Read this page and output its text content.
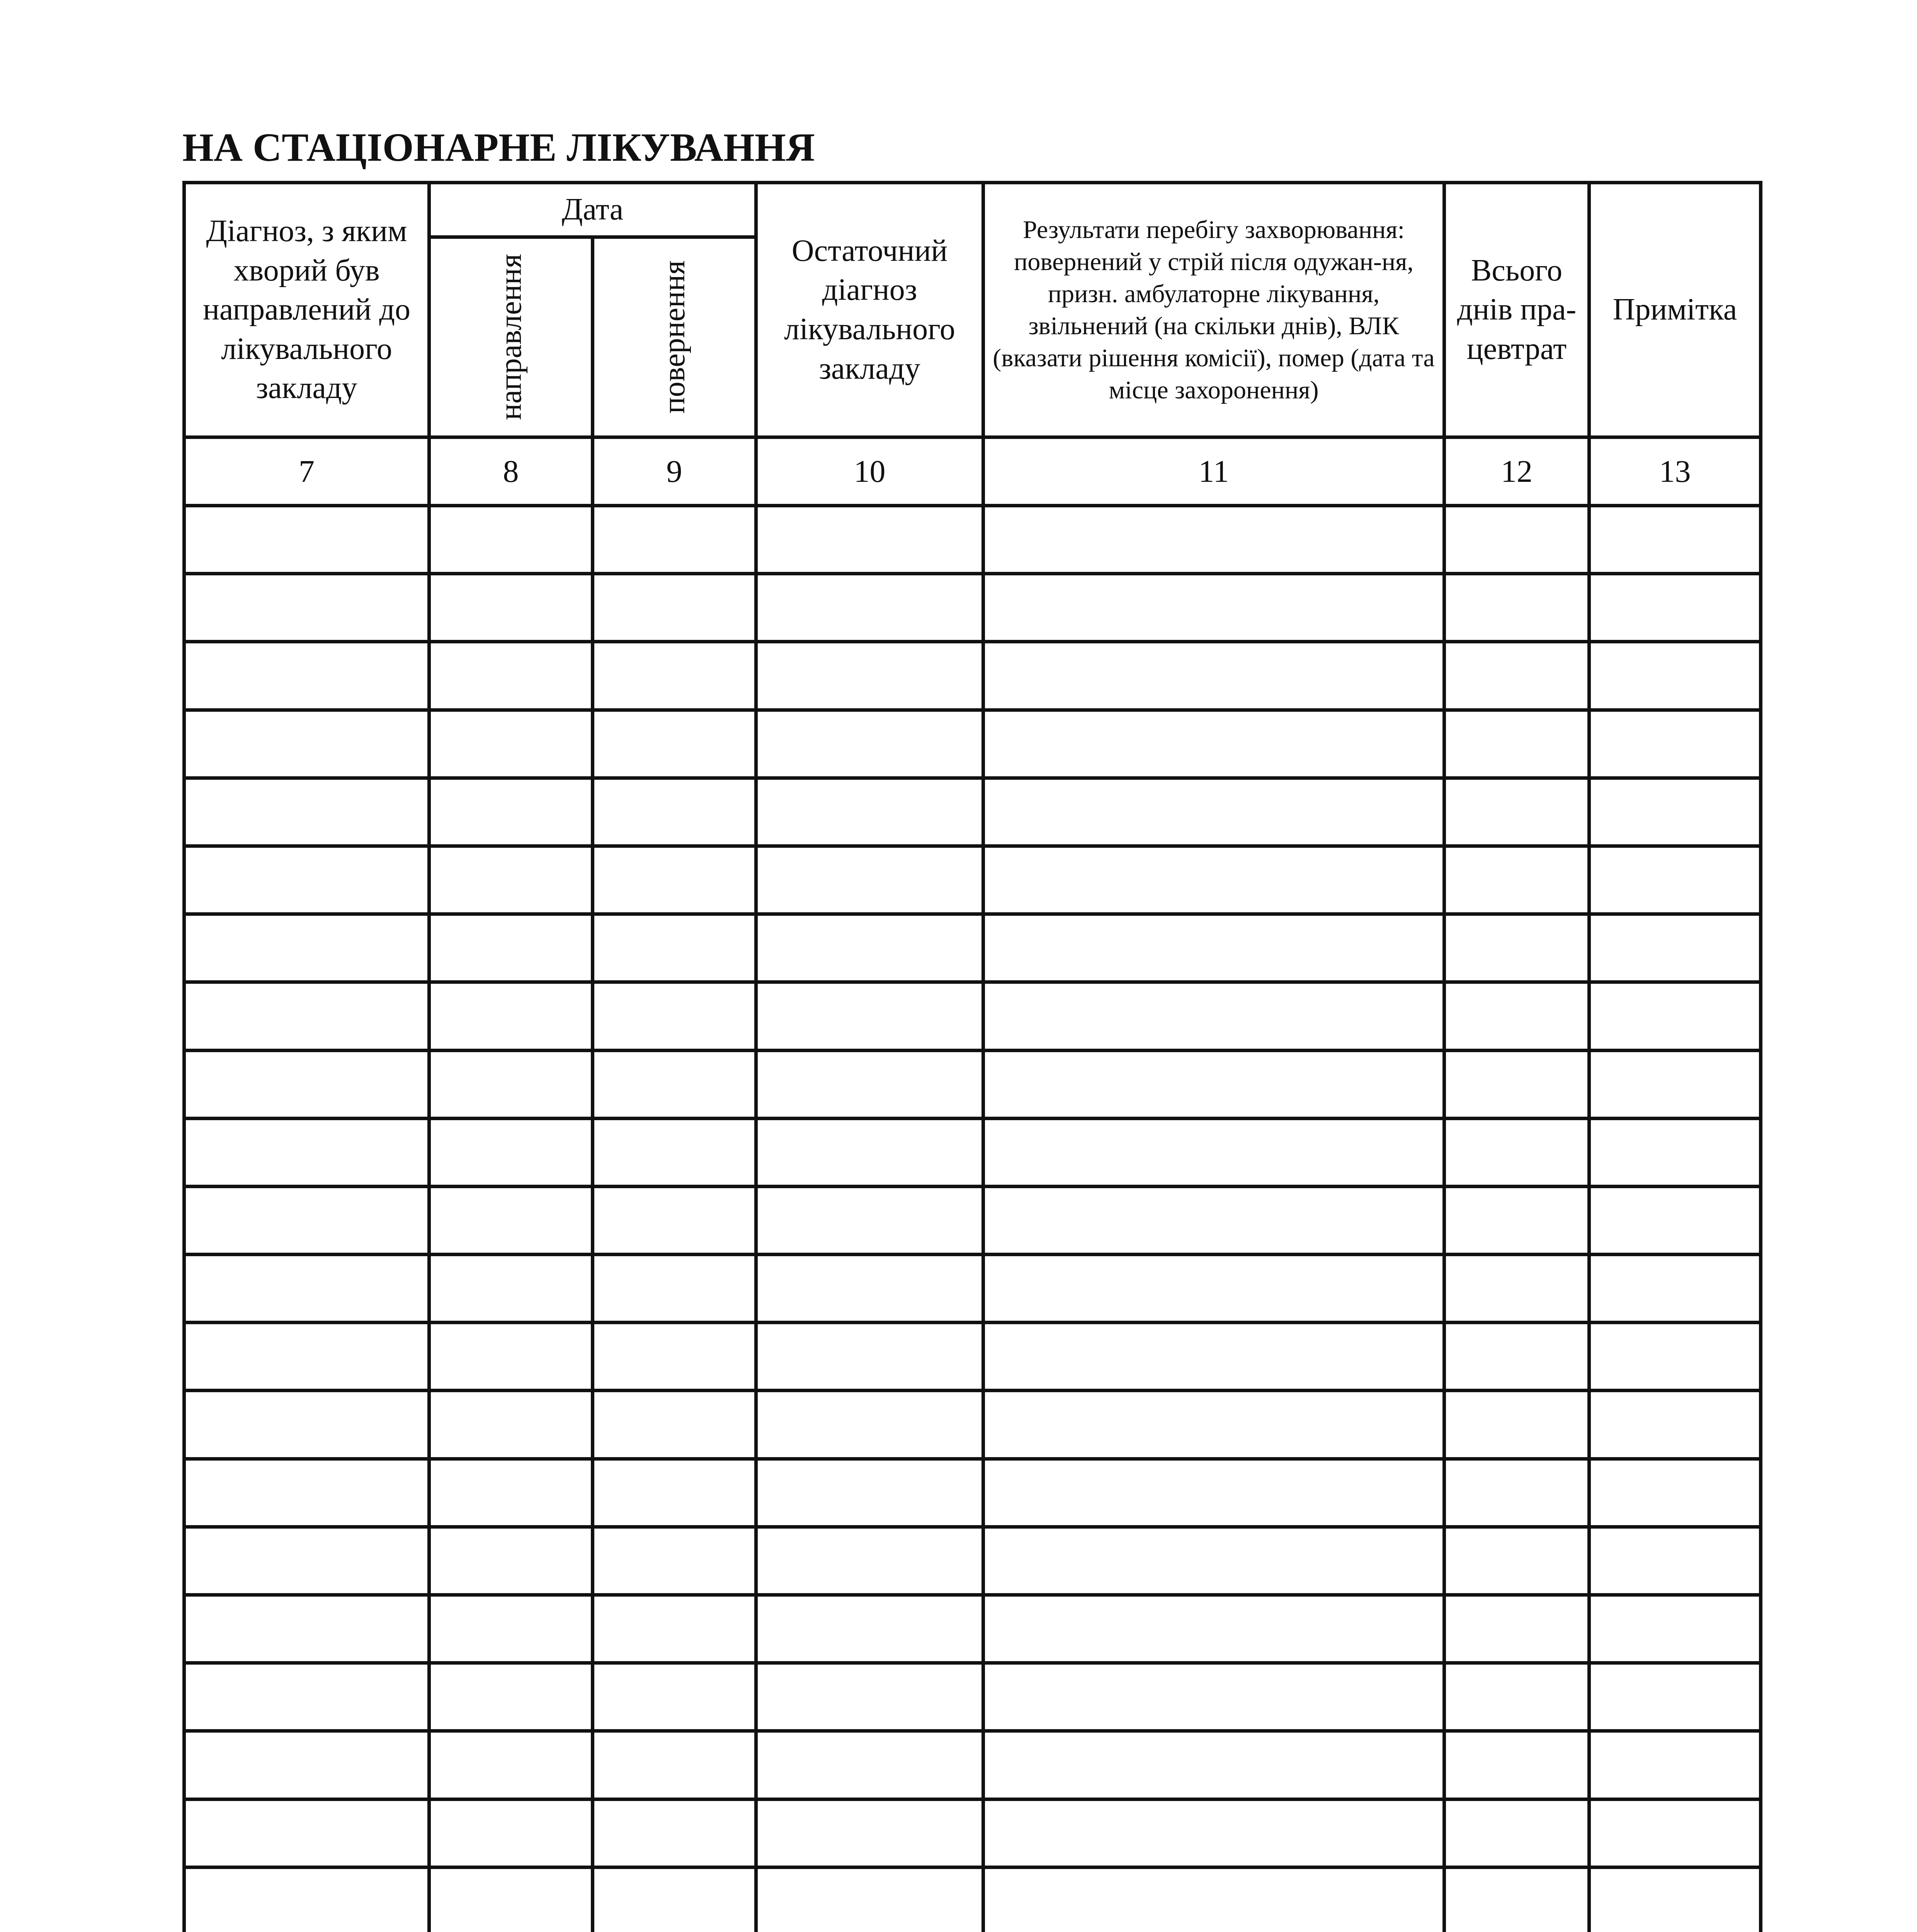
НА СТАЦІОНАРНЕ ЛІКУВАННЯ
Діагноз, з яким хворий був направлений до лікувального закладу	Дата		Остаточний діагноз лікувального закладу	Результати перебігу захворювання: повернений у стрій після одужан-ня, призн. амбулаторне лікування, звільнений (на скільки днів), ВЛК (вказати рішення комісії), помер (дата та місце захоронення)	Всього днів пра-цевтрат	Примітка

	направлення	повернення				

7	8	9	10	11	12	13
